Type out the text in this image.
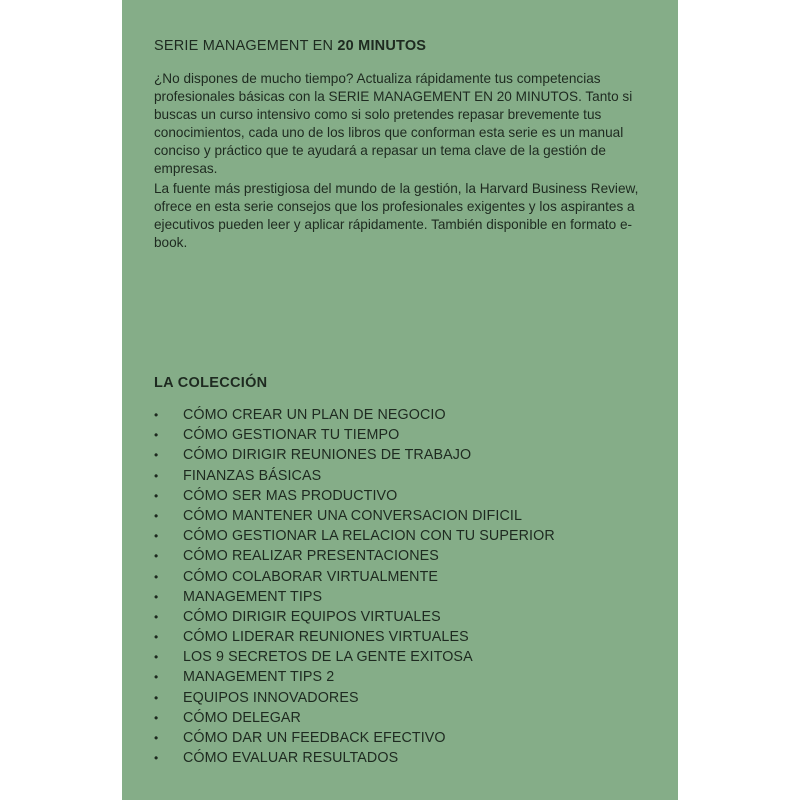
SERIE MANAGEMENT EN 20 MINUTOS

¿No dispones de mucho tiempo? Actualiza rápidamente tus competencias profesionales básicas con la SERIE MANAGEMENT EN 20 MINUTOS. Tanto si buscas un curso intensivo como si solo pretendes repasar brevemente tus conocimientos, cada uno de los libros que conforman esta serie es un manual conciso y práctico que te ayudará a repasar un tema clave de la gestión de empresas.

La fuente más prestigiosa del mundo de la gestión, la Harvard Business Review, ofrece en esta serie consejos que los profesionales exigentes y los aspirantes a ejecutivos pueden leer y aplicar rápidamente. También disponible en formato e-book.

LA COLECCIÓN
• CÓMO CREAR UN PLAN DE NEGOCIO
• CÓMO GESTIONAR TU TIEMPO
• CÓMO DIRIGIR REUNIONES DE TRABAJO
• FINANZAS BÁSICAS
• CÓMO SER MAS PRODUCTIVO
• CÓMO MANTENER UNA CONVERSACION DIFICIL
• CÓMO GESTIONAR LA RELACION CON TU SUPERIOR
• CÓMO REALIZAR PRESENTACIONES
• CÓMO COLABORAR VIRTUALMENTE
• MANAGEMENT TIPS
• CÓMO DIRIGIR EQUIPOS VIRTUALES
• CÓMO LIDERAR REUNIONES VIRTUALES
• LOS 9 SECRETOS DE LA GENTE EXITOSA
• MANAGEMENT TIPS 2
• EQUIPOS INNOVADORES
• CÓMO DELEGAR
• CÓMO DAR UN FEEDBACK EFECTIVO
• CÓMO EVALUAR RESULTADOS
